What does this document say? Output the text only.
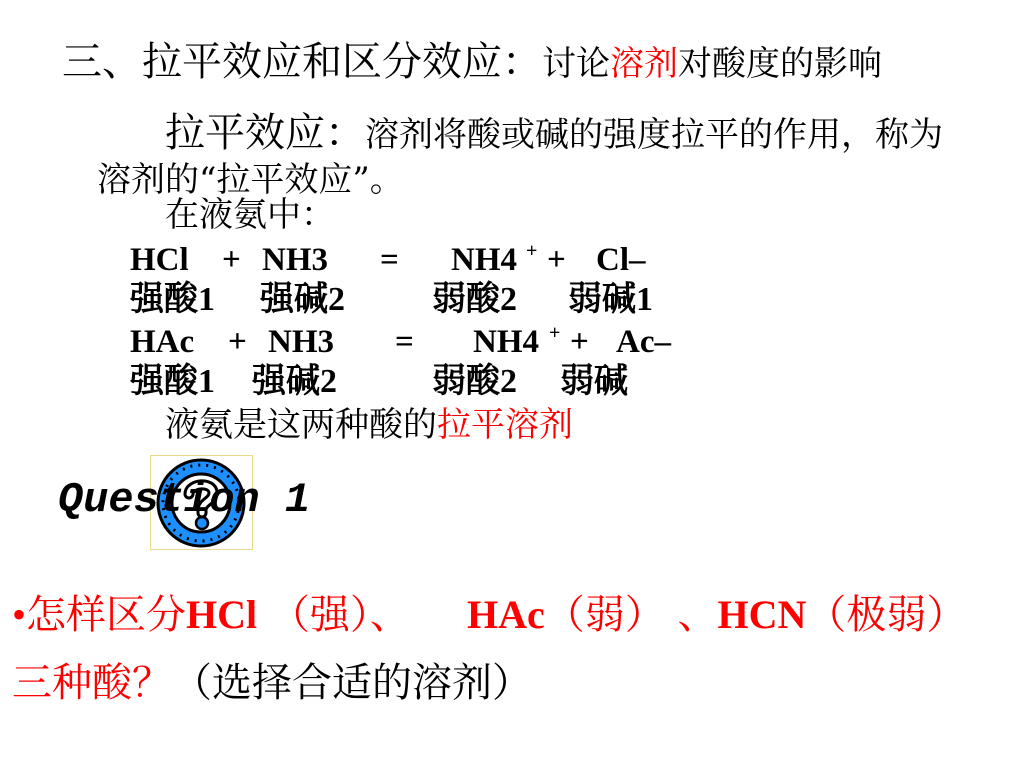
三、拉平效应和区分效应：讨论溶剂对酸度的影响
拉平效应：溶剂将酸或碱的强度拉平的作用，称为
溶剂的“拉平效应”。
在液氨中：
HCl + NH3 = NH4 + + Cl–
强酸1 强碱2	弱酸2 弱碱1
HAc + NH3 = NH4 + + Ac–
强酸1 强碱2	弱酸2 弱碱
液氨是这两种酸的拉平溶剂
Question 1
•怎样区分HCl （强）、 HAc（弱） 、HCN（极弱）
三种酸？（选择合适的溶剂）
